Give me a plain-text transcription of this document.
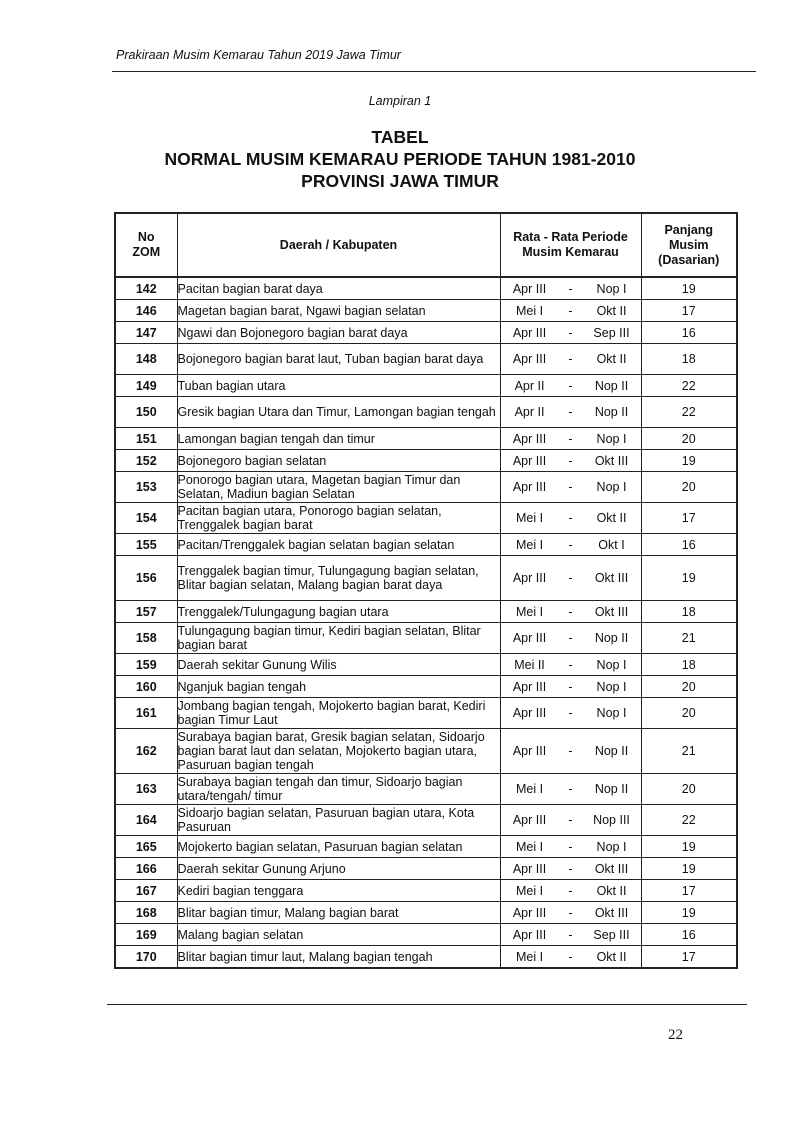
Prakiraan Musim Kemarau Tahun 2019 Jawa Timur
Lampiran 1
TABEL
NORMAL MUSIM KEMARAU PERIODE TAHUN 1981-2010
PROVINSI JAWA TIMUR
No ZOM	Daerah / Kabupaten	Rata - Rata Periode Musim Kemarau	Panjang Musim (Dasarian)
142	Pacitan bagian barat daya	Apr III - Nop I	19
146	Magetan bagian barat, Ngawi bagian selatan	Mei I - Okt II	17
147	Ngawi dan Bojonegoro bagian barat daya	Apr III - Sep III	16
148	Bojonegoro bagian barat laut, Tuban bagian barat daya	Apr III - Okt II	18
149	Tuban bagian utara	Apr II - Nop II	22
150	Gresik bagian Utara dan Timur, Lamongan bagian tengah	Apr II - Nop II	22
151	Lamongan bagian tengah dan timur	Apr III - Nop I	20
152	Bojonegoro bagian selatan	Apr III - Okt III	19
153	Ponorogo bagian utara, Magetan bagian Timur dan Selatan, Madiun bagian Selatan	Apr III - Nop I	20
154	Pacitan bagian utara, Ponorogo bagian selatan, Trenggalek bagian barat	Mei I - Okt II	17
155	Pacitan/Trenggalek bagian selatan bagian selatan	Mei I - Okt I	16
156	Trenggalek bagian timur, Tulungagung bagian selatan, Blitar bagian selatan, Malang bagian barat daya	Apr III - Okt III	19
157	Trenggalek/Tulungagung bagian utara	Mei I - Okt III	18
158	Tulungagung bagian timur, Kediri bagian selatan, Blitar bagian barat	Apr III - Nop II	21
159	Daerah sekitar Gunung Wilis	Mei II - Nop I	18
160	Nganjuk bagian tengah	Apr III - Nop I	20
161	Jombang bagian tengah, Mojokerto bagian barat, Kediri bagian Timur Laut	Apr III - Nop I	20
162	Surabaya bagian barat, Gresik bagian selatan, Sidoarjo bagian barat laut dan selatan, Mojokerto bagian utara, Pasuruan bagian tengah	Apr III - Nop II	21
163	Surabaya bagian tengah dan timur, Sidoarjo bagian utara/tengah/ timur	Mei I - Nop II	20
164	Sidoarjo bagian selatan, Pasuruan bagian utara, Kota Pasuruan	Apr III - Nop III	22
165	Mojokerto bagian selatan, Pasuruan bagian selatan	Mei I - Nop I	19
166	Daerah sekitar Gunung Arjuno	Apr III - Okt III	19
167	Kediri bagian tenggara	Mei I - Okt II	17
168	Blitar bagian timur, Malang bagian barat	Apr III - Okt III	19
169	Malang bagian selatan	Apr III - Sep III	16
170	Blitar bagian timur laut, Malang bagian tengah	Mei I - Okt II	17
22
